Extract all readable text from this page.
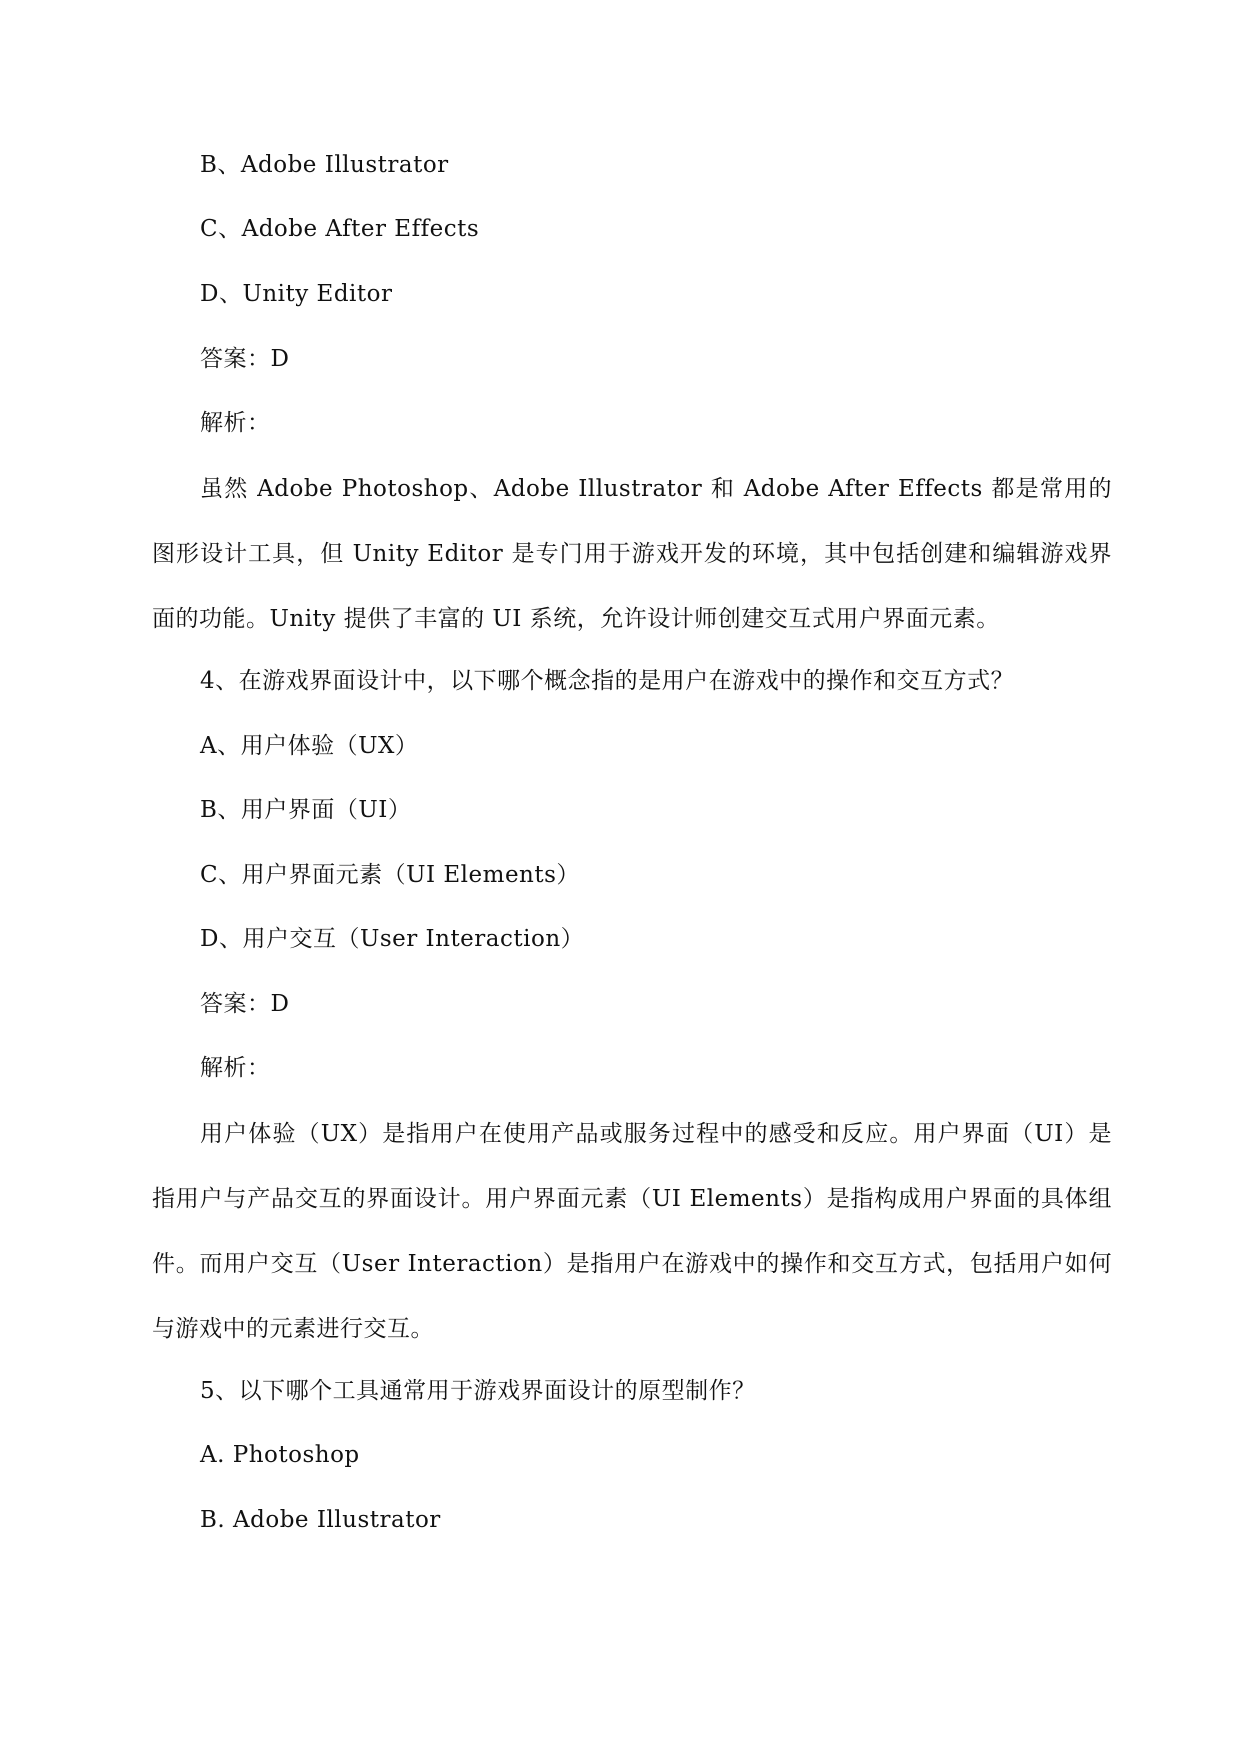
B、Adobe Illustrator
C、Adobe After Effects
D、Unity Editor
答案：D
解析：
虽然 Adobe Photoshop、Adobe Illustrator 和 Adobe After Effects 都是常用的图形设计工具，但 Unity Editor 是专门用于游戏开发的环境，其中包括创建和编辑游戏界面的功能。Unity 提供了丰富的 UI 系统，允许设计师创建交互式用户界面元素。
4、在游戏界面设计中，以下哪个概念指的是用户在游戏中的操作和交互方式？
A、用户体验（UX）
B、用户界面（UI）
C、用户界面元素（UI Elements）
D、用户交互（User Interaction）
答案：D
解析：
用户体验（UX）是指用户在使用产品或服务过程中的感受和反应。用户界面（UI）是指用户与产品交互的界面设计。用户界面元素（UI Elements）是指构成用户界面的具体组件。而用户交互（User Interaction）是指用户在游戏中的操作和交互方式，包括用户如何与游戏中的元素进行交互。
5、以下哪个工具通常用于游戏界面设计的原型制作？
A. Photoshop
B. Adobe Illustrator
